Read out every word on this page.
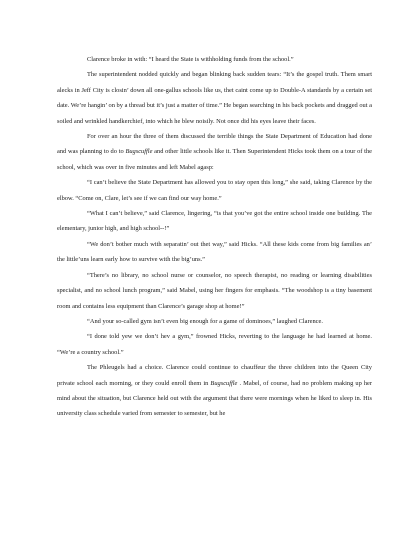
Clarence broke in with: “I heard the State is withholding funds from the school.”

The superintendent nodded quickly and began blinking back sudden tears: “It’s the gospel truth. Them smart alecks in Jeff City is closin’ down all one-gallus schools like us, thet caint come up to Double-A standards by a certain set date. We’re hangin’ on by a thread but it’s just a matter of time.” He began searching in his back pockets and dragged out a soiled and wrinkled handkerchief, into which he blew noisily. Not once did his eyes leave their faces.

For over an hour the three of them discussed the terrible things the State Department of Education had done and was planning to do to Bugscuffle and other little schools like it. Then Superintendent Hicks took them on a tour of the school, which was over in five minutes and left Mabel agasp:

“I can’t believe the State Department has allowed you to stay open this long,” she said, taking Clarence by the elbow. “Come on, Clare, let’s see if we can find our way home.”

“What I can’t believe,” said Clarence, lingering, “is that you’ve got the entire school inside one building. The elementary, junior high, and high school--!”

“We don’t bother much with separatin’ out thet way,” said Hicks. “All these kids come from big families an’ the little’uns learn early how to survive with the big’uns.”

“There’s no library, no school nurse or counselor, no speech therapist, no reading or learning disabilities specialist, and no school lunch program,” said Mabel, using her fingers for emphasis. “The woodshop is a tiny basement room and contains less equipment than Clarence’s garage shop at home!”

“And your so-called gym isn’t even big enough for a game of dominoes,” laughed Clarence.

“I done told yew we don’t hev a gym,” frowned Hicks, reverting to the language he had learned at home. “We’re a country school.”

The Phleugels had a choice. Clarence could continue to chauffeur the three children into the Queen City private school each morning, or they could enroll them in Bugscuffle . Mabel, of course, had no problem making up her mind about the situation, but Clarence held out with the argument that there were mornings when he liked to sleep in. His university class schedule varied from semester to semester, but he
